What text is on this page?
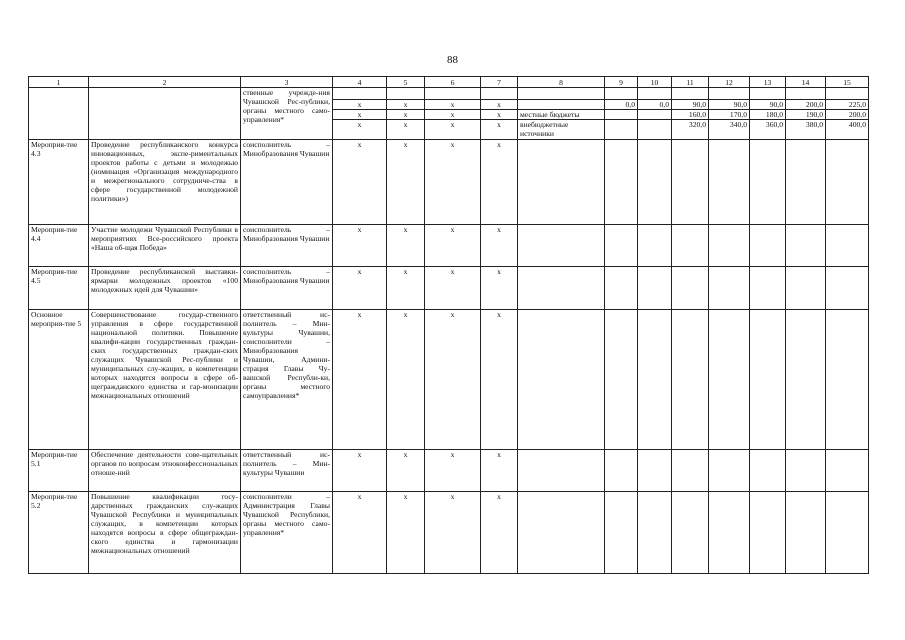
88
1	2	3	4	5	6	7	8	9	10	11	12	13	14	15
		ственные учрежде-ния Чувашской Рес-публики, органы местного само-управления*												
			x	x	x	x		0,0	0,0	90,0	90,0	90,0	200,0	225,0
			x	x	x	x	местные бюджеты			160,0	170,0	180,0	190,0	200,0
			x	x	x	x	внебюджетные источники			320,0	340,0	360,0	380,0	400,0
Мероприя-тие 4.3	Проведение республиканского конкурса инновационных, экспе-риментальных проектов работы с детьми и молодежью (номинация «Организация международного и межрегионального сотрудниче-ства в сфере государственной молодежной политики»)	соисполнитель – Минобразования Чувашии	x	x	x	x								
Мероприя-тие 4.4	Участие молодежи Чувашской Республики в мероприятиях Все-российского проекта «Наша об-щая Победа»	соисполнитель – Минобразования Чувашии	x	x	x	x								
Мероприя-тие 4.5	Проведение республиканской выставки-ярмарки молодежных проектов «100 молодежных идей для Чувашии»	соисполнитель – Минобразования Чувашии	x	x	x	x								
Основное мероприя-тие 5	Совершенствование государ-ственного управления в сфере государственной национальной политики. Повышение квалифи-кации государственных граждан-ских государственных граждан-ских служащих Чувашской Рес-публики и муниципальных слу-жащих, в компетенции которых находятся вопросы в сфере об-щегражданского единства и гар-монизации межнациональных отношений	ответственный ис-полнитель – Мин-культуры Чувашии, соисполнители – Минобразования Чувашии, Админи-страция Главы Чу-вашской Республи-ки, органы местного самоуправления*	x	x	x	x								
Мероприя-тие 5.1	Обеспечение деятельности сове-щательных органов по вопросам этноконфессиональных отноше-ний	ответственный ис-полнитель – Мин-культуры Чувашии	x	x	x	x								
Мероприя-тие 5.2	Повышение квалификации госу-дарственных гражданских слу-жащих Чувашской Республики и муниципальных служащих, в компетенции которых находятся вопросы в сфере общеграждан-ского единства и гармонизации межнациональных отношений	соисполнители – Администрация Главы Чувашской Республики, органы местного само-управления*	x	x	x	x								
